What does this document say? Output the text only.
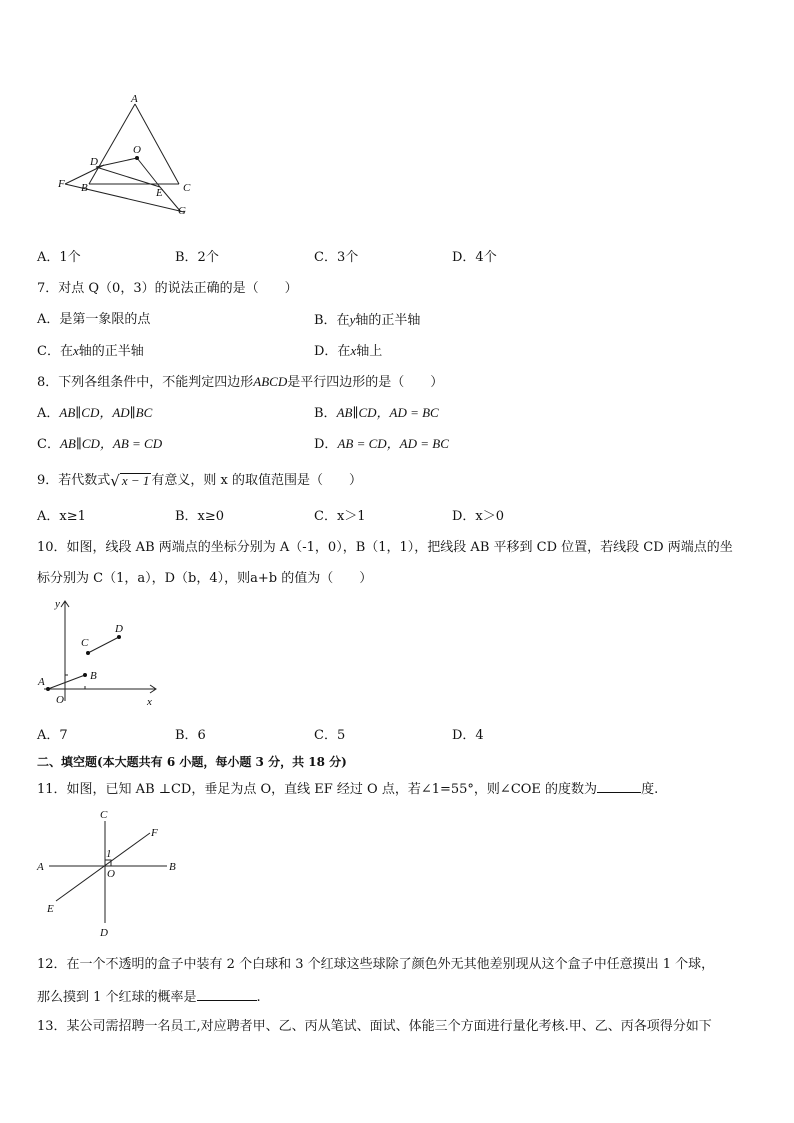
A
D
O
F B	E C
G
A．1个	B．2个	C．3个	D．4个
7．对点 Q（0，3）的说法正确的是（　　）
A．是第一象限的点	B．在y轴的正半轴
C．在x轴的正半轴	D．在x轴上
8．下列各组条件中，不能判定四边形ABCD是平行四边形的是（　　）
A．AB∥CD，AD∥BC	B．AB∥CD，AD = BC
C．AB∥CD，AB = CD	D．AB = CD，AD = BC
9．若代数式 √ x − 1 有意义，则 x 的取值范围是（　　）
A．x≥1	B．x≥0	C．x＞1	D．x＞0
10．如图，线段 AB 两端点的坐标分别为 A（-1，0），B（1，1），把线段 AB 平移到 CD 位置，若线段 CD 两端点的坐
标分别为 C（1，a），D（b，4），则a+b 的值为（　　）
y
x
O
A	B
C
D
A．7	B．6	C．5	D．4
二、填空题(本大题共有 6 小题，每小题 3 分，共 18 分)
11．如图，已知 AB ⊥CD，垂足为点 O，直线 EF 经过 O 点，若∠1=55°，则∠COE 的度数为	度.
C
F
A
1
O
B
E
D
12．在一个不透明的盒子中装有 2 个白球和 3 个红球这些球除了颜色外无其他差别现从这个盒子中任意摸出 1 个球，
那么摸到 1 个红球的概率是	.
13．某公司需招聘一名员工,对应聘者甲、乙、丙从笔试、面试、体能三个方面进行量化考核.甲、乙、丙各项得分如下
